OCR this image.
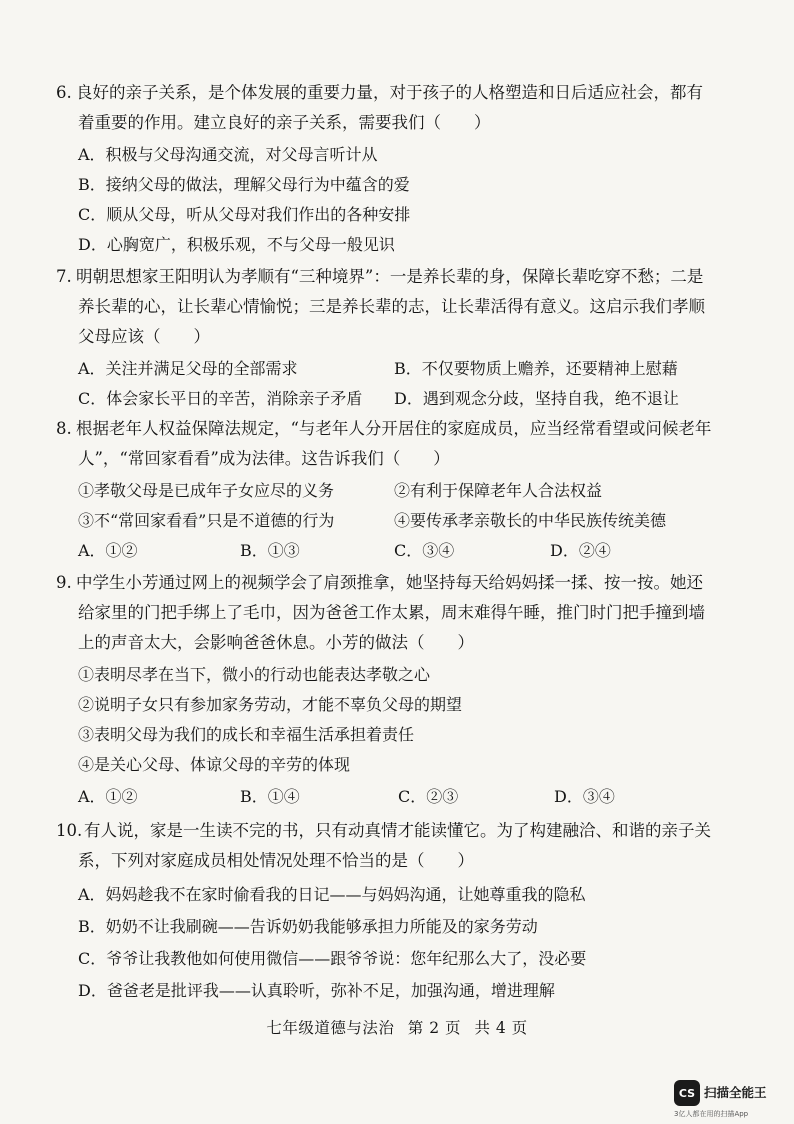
6. 良好的亲子关系，是个体发展的重要力量，对于孩子的人格塑造和日后适应社会，都有
着重要的作用。建立良好的亲子关系，需要我们（　　）
A．积极与父母沟通交流，对父母言听计从
B．接纳父母的做法，理解父母行为中蕴含的爱
C．顺从父母，听从父母对我们作出的各种安排
D．心胸宽广，积极乐观，不与父母一般见识
7. 明朝思想家王阳明认为孝顺有“三种境界”：一是养长辈的身，保障长辈吃穿不愁；二是
养长辈的心，让长辈心情愉悦；三是养长辈的志，让长辈活得有意义。这启示我们孝顺
父母应该（　　）
A．关注并满足父母的全部需求	B．不仅要物质上赡养，还要精神上慰藉
C．体会家长平日的辛苦，消除亲子矛盾 D．遇到观念分歧，坚持自我，绝不退让
8. 根据老年人权益保障法规定，“与老年人分开居住的家庭成员，应当经常看望或问候老年
人”，“常回家看看”成为法律。这告诉我们（　　）
①孝敬父母是已成年子女应尽的义务	②有利于保障老年人合法权益
③不“常回家看看”只是不道德的行为	④要传承孝亲敬长的中华民族传统美德
A．①②	B．①③	C．③④	D．②④
9. 中学生小芳通过网上的视频学会了肩颈推拿，她坚持每天给妈妈揉一揉、按一按。她还
给家里的门把手绑上了毛巾，因为爸爸工作太累，周末难得午睡，推门时门把手撞到墙
上的声音太大，会影响爸爸休息。小芳的做法（　　）
①表明尽孝在当下，微小的行动也能表达孝敬之心
②说明子女只有参加家务劳动，才能不辜负父母的期望
③表明父母为我们的成长和幸福生活承担着责任
④是关心父母、体谅父母的辛劳的体现
A．①②	B．①④	C．②③	D．③④
10. 有人说，家是一生读不完的书，只有动真情才能读懂它。为了构建融洽、和谐的亲子关
系，下列对家庭成员相处情况处理不恰当的是（　　）
A．妈妈趁我不在家时偷看我的日记——与妈妈沟通，让她尊重我的隐私
B．奶奶不让我刷碗——告诉奶奶我能够承担力所能及的家务劳动
C．爷爷让我教他如何使用微信——跟爷爷说：您年纪那么大了，没必要
D．爸爸老是批评我——认真聆听，弥补不足，加强沟通，增进理解
七年级道德与法治 第 2 页 共 4 页
CS 扫描全能王
3亿人都在用的扫描App
